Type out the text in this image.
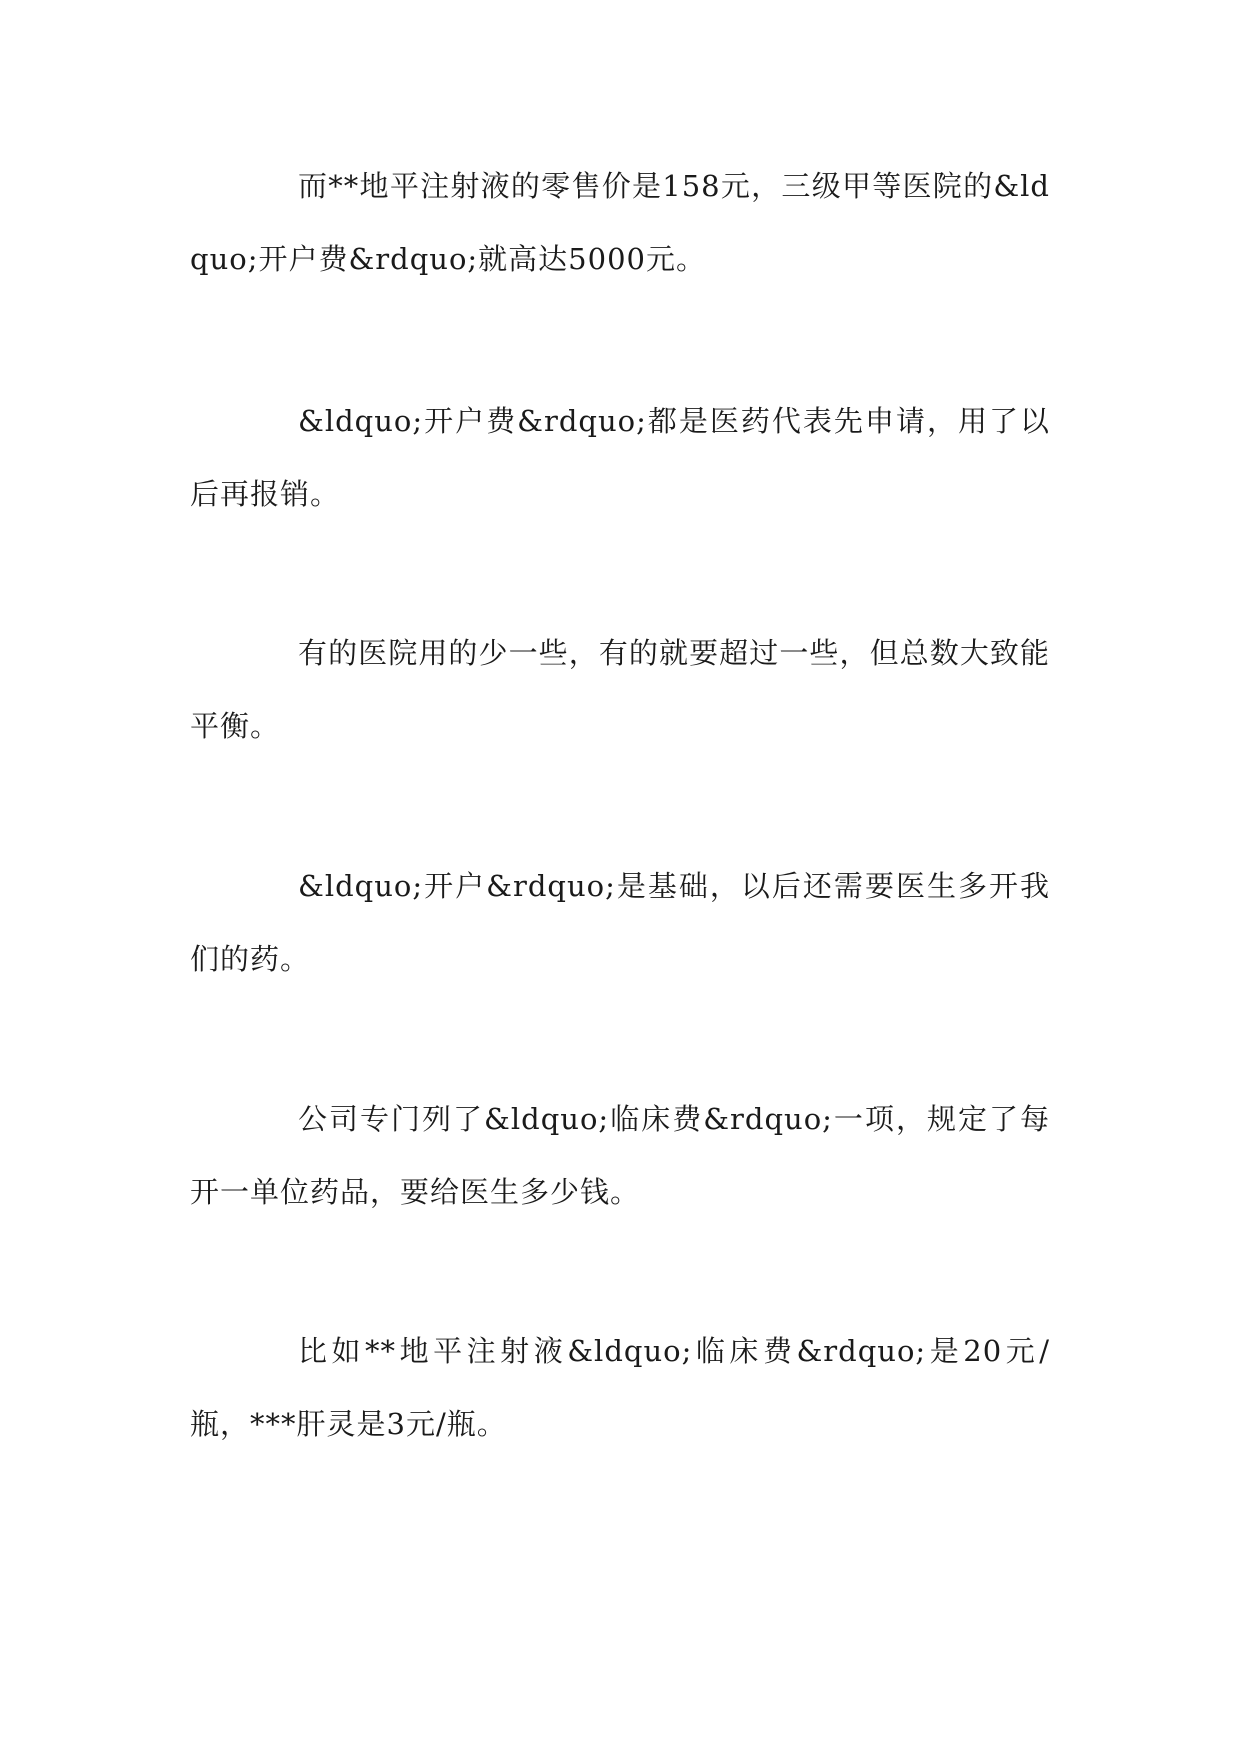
而**地平注射液的零售价是158元，三级甲等医院的&ldquo;开户费&rdquo;就高达5000元。

&ldquo;开户费&rdquo;都是医药代表先申请，用了以后再报销。

有的医院用的少一些，有的就要超过一些，但总数大致能平衡。

&ldquo;开户&rdquo;是基础，以后还需要医生多开我们的药。

公司专门列了&ldquo;临床费&rdquo;一项，规定了每开一单位药品，要给医生多少钱。

比如**地平注射液&ldquo;临床费&rdquo;是20元/瓶，***肝灵是3元/瓶。
